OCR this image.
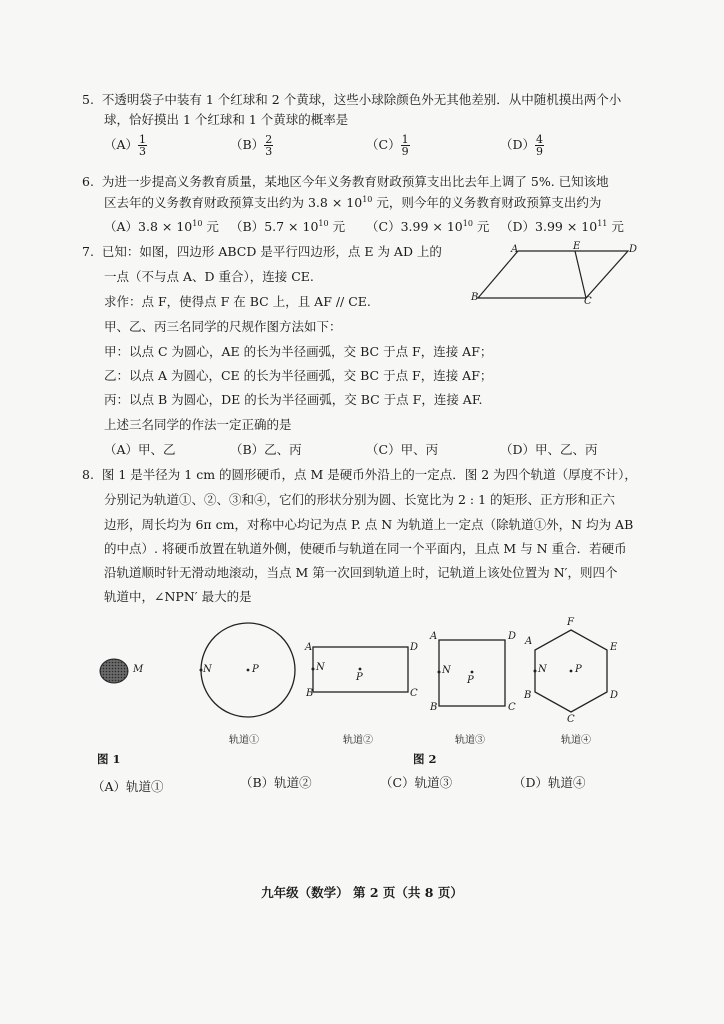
5. 不透明袋子中装有 1 个红球和 2 个黄球，这些小球除颜色外无其他差别．从中随机摸出两个小
球，恰好摸出 1 个红球和 1 个黄球的概率是
$(A) \frac{1}{3}$	$(B) \frac{2}{3}$	$(C) \frac{1}{9}$	$(D) \frac{4}{9}$
6. 为进一步提高义务教育质量，某地区今年义务教育财政预算支出比去年上调了 5%. 已知该地
区去年的义务教育财政预算支出约为 $3.8 \times 10^{10}$ 元，则今年的义务教育财政预算支出约为
$(A)3.8 \times 10^{10}$ 元 $(B)5.7 \times 10^{10}$ 元 $(C)3.99 \times 10^{10}$ 元 $(D)3.99 \times 10^{11}$ 元
7. 已知：如图，四边形 ABCD 是平行四边形，点 E 为 AD 上的
一点（不与点 A、D 重合），连接 CE.
求作：点 F，使得点 F 在 BC 上，且 AF // CE.
甲、乙、丙三名同学的尺规作图方法如下：
甲：以点 C 为圆心，AE 的长为半径画弧，交 BC 于点 F，连接 AF；
乙：以点 A 为圆心，CE 的长为半径画弧，交 BC 于点 F，连接 AF；
丙：以点 B 为圆心，DE 的长为半径画弧，交 BC 于点 F，连接 AF.
上述三名同学的作法一定正确的是
（A）甲、乙	（B）乙、丙	（C）甲、丙	（D）甲、乙、丙
A	E	D
B	C
8. 图 1 是半径为 1 cm 的圆形硬币，点 M 是硬币外沿上的一定点．图 2 为四个轨道（厚度不计），
分别记为轨道①、②、③和④，它们的形状分别为圆、长宽比为 2 : 1 的矩形、正方形和正六
边形，周长均为 6π cm，对称中心均记为点 P. 点 N 为轨道上一定点（除轨道①外，N 均为 AB
的中点）. 将硬币放置在轨道外侧，使硬币与轨道在同一个平面内，且点 M 与 N 重合．若硬币
沿轨道顺时针无滑动地滚动，当点 M 第一次回到轨道上时，记轨道上该处位置为 N′，则四个
轨道中，∠NPN′ 最大的是
M	N	P
A
N
B
P
D
C
A
N
B
P
D
C
F
A
N
B
C
D
E
P
轨道①	轨道②	轨道③	轨道④
图 1	图 2
（A）轨道①	（B）轨道②	（C）轨道③	（D）轨道④
九年级（数学） 第 2 页（共 8 页）
